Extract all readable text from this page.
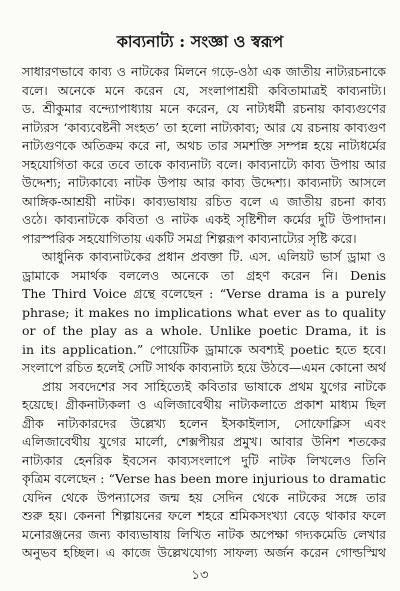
কাব্যনাট্য : সংজ্ঞা ও স্বরূপ
সাধারণভাবে কাব্য ও নাটকের মিলনে গড়ে-ওঠা এক জাতীয় নাট্যরচনাকে
বলে। অনেকে মনে করেন যে, সংলাপাশ্রয়ী কবিতামাত্রই কাব্যনাট্য।
ড. শ্রীকুমার বন্দ্যোপাধ্যায় মনে করেন, যে নাট্যধর্মী রচনায় কাব্যগুণের
নাট্যরস ‘কাব্যবেষ্টনী সংহত’ তা হলো নাট্যকাব্য; আর যে রচনায় কাব্যগুণ
নাট্যগুণকে অতিক্রম করে না, অথচ তার সমশক্তি সম্পন্ন হয়ে নাট্যধর্মের
সহযোগিতা করে তবে তাকে কাব্যনাট্য বলে। কাব্যনাট্যে কাব্য উপায় আর
উদ্দেশ্য; নাট্যকাব্যে নাটক উপায় আর কাব্য উদ্দেশ্য। কাব্যনাট্য আসলে
আঙ্গিক-আশ্রয়ী নাটক। কাব্যভাষায় রচিত বলে এ জাতীয় রচনা কাব্য
ওঠে। কাব্যনাটকে কবিতা ও নাটক একই সৃষ্টিশীল কর্মের দুটি উপাদান।
পারস্পরিক সহযোগিতায় একটি সমগ্র শিল্পরূপ কাব্যনাট্যের সৃষ্টি করে।
আধুনিক কাব্যনাটকের প্রধান প্রবক্তা টি. এস. এলিয়ট ভার্স ড্রামা ও
ড্রামাকে সমার্থক বললেও অনেকে তা গ্রহণ করেন নি। Denis
The Third Voice গ্রন্থে বলেছেন : “Verse drama is a purely
phrase; it makes no implications what ever as to quality
or of the play as a whole. Unlike poetic Drama, it is
in its application.” পোয়েটিক ড্রামাকে অবশ্যই poetic হতে হবে।
সংলাপে রচিত হলেই সেটি সার্থক কাব্যনাট্য হয়ে উঠবে—এমন কোনো অর্থ
প্রায় সবদেশের সব সাহিত্যেই কবিতার ভাষাকে প্রথম যুগের নাটকে
হয়েছে। গ্রীকনাট্যকলা ও এলিজাবেথীয় নাট্যকলাতে প্রকাশ মাধ্যম ছিল
গ্রীক নাট্যকারদের উল্লেখ্য হলেন ইসকাইলাস, সোফোক্লিস এবং
এলিজাবেথীয় যুগের মার্লো, শেক্সপীয়র প্রমুখ। আবার উনিশ শতকের
নাট্যকার হেনরিক ইবসেন কাব্যসংলাপে দুটি নাটক লিখলেও তিনি
কৃত্রিম বলেছেন : “Verse has been more injurious to dramatic
যেদিন থেকে উপন্যাসের জন্ম হয় সেদিন থেকে নাটকের সঙ্গে তার
শুরু হয়। কেননা শিল্পায়নের ফলে শহরে শ্রমিকসংখ্যা বেড়ে থাকার ফলে
মনোরঞ্জনের জন্য কাব্যভাষায় লিখিত নাটক অপেক্ষা গদ্যকমেডি লেখার
অনুভব হচ্ছিল। এ কাজে উল্লেখযোগ্য সাফল্য অর্জন করেন গোল্ডস্মিথ
১৩
